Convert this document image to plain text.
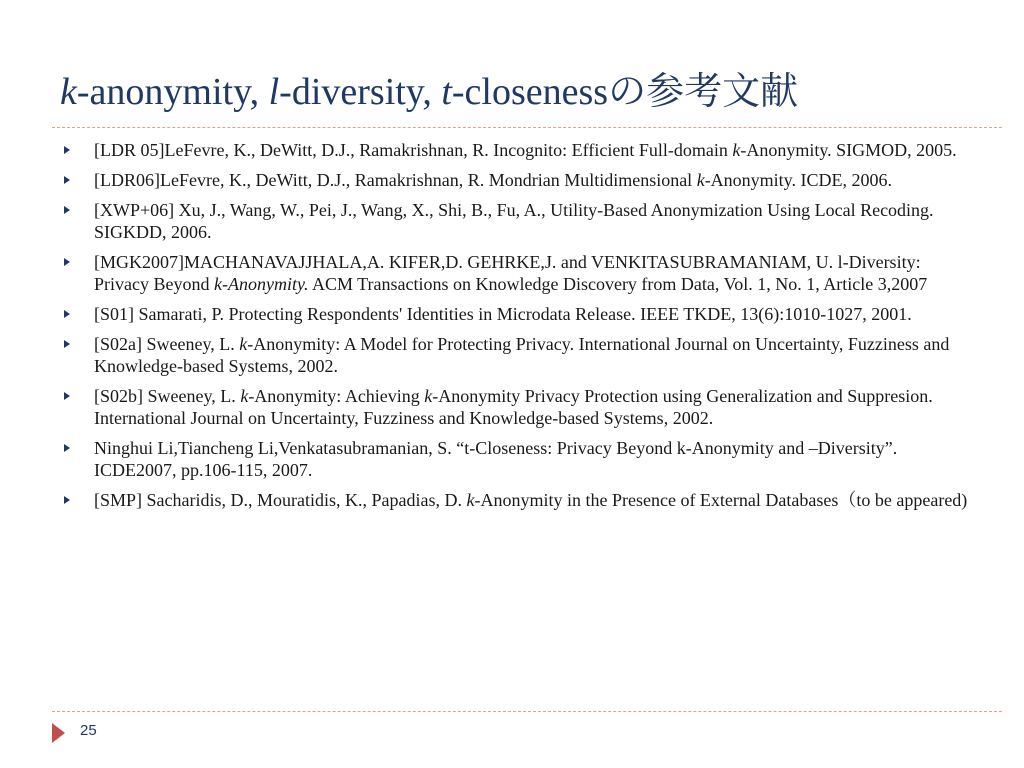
k-anonymity, l-diversity, t-closenessの参考文献
[LDR 05]LeFevre, K., DeWitt, D.J., Ramakrishnan, R. Incognito: Efficient Full-domain k-Anonymity. SIGMOD, 2005.
[LDR06]LeFevre, K., DeWitt, D.J., Ramakrishnan, R. Mondrian Multidimensional k-Anonymity. ICDE, 2006.
[XWP+06] Xu, J., Wang, W., Pei, J., Wang, X., Shi, B., Fu, A., Utility-Based Anonymization Using Local Recoding. SIGKDD, 2006.
[MGK2007]MACHANAVAJJHALA,A. KIFER,D. GEHRKE,J. and VENKITASUBRAMANIAM, U. l-Diversity: Privacy Beyond k-Anonymity. ACM Transactions on Knowledge Discovery from Data, Vol. 1, No. 1, Article 3,2007
[S01] Samarati, P. Protecting Respondents' Identities in Microdata Release. IEEE TKDE, 13(6):1010-1027, 2001.
[S02a] Sweeney, L. k-Anonymity: A Model for Protecting Privacy. International Journal on Uncertainty, Fuzziness and Knowledge-based Systems, 2002.
[S02b] Sweeney, L. k-Anonymity: Achieving k-Anonymity Privacy Protection using Generalization and Suppresion. International Journal on Uncertainty, Fuzziness and Knowledge-based Systems, 2002.
Ninghui Li,Tiancheng Li,Venkatasubramanian, S. “t-Closeness: Privacy Beyond k-Anonymity and –Diversity”. ICDE2007, pp.106-115, 2007.
[SMP] Sacharidis, D., Mouratidis, K., Papadias, D. k-Anonymity in the Presence of External Databases（to be appeared)
25
